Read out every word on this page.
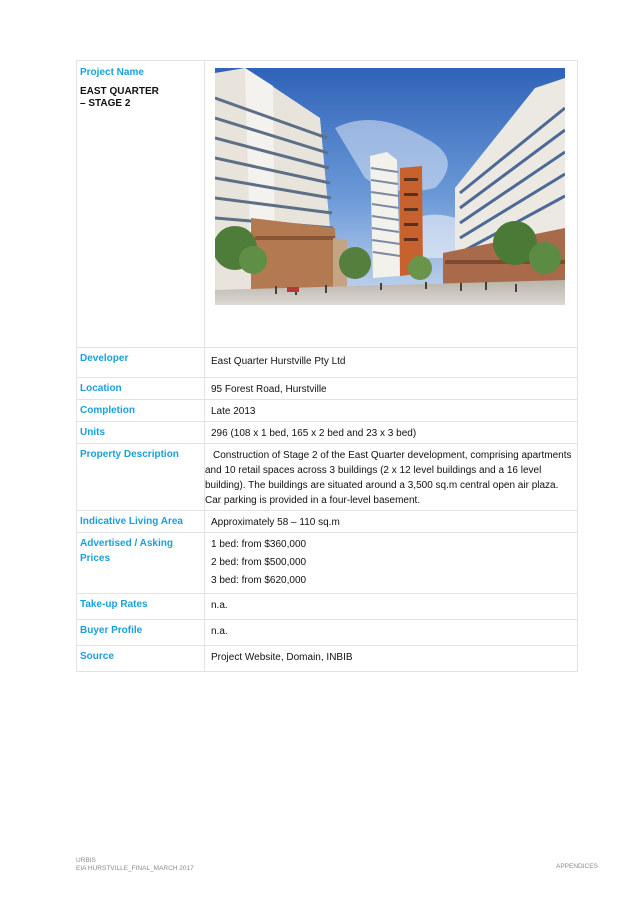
Project Name
EAST QUARTER
– STAGE 2

Developer	East Quarter Hurstville Pty Ltd
Location	95 Forest Road, Hurstville
Completion	Late 2013
Units	296 (108 x 1 bed, 165 x 2 bed and 23 x 3 bed)
Property Description	Construction of Stage 2 of the East Quarter development, comprising apartments and 10 retail spaces across 3 buildings (2 x 12 level buildings and a 16 level building). The buildings are situated around a 3,500 sq.m central open air plaza. Car parking is provided in a four-level basement.
Indicative Living Area	Approximately 58 – 110 sq.m
Advertised / Asking Prices	1 bed: from $360,000
2 bed: from $500,000
3 bed: from $620,000

Take-up Rates	n.a.
Buyer Profile	n.a.
Source	Project Website, Domain, INBIB
URBIS
EIA HURSTVILLE_FINAL_MARCH 2017	APPENDICES
